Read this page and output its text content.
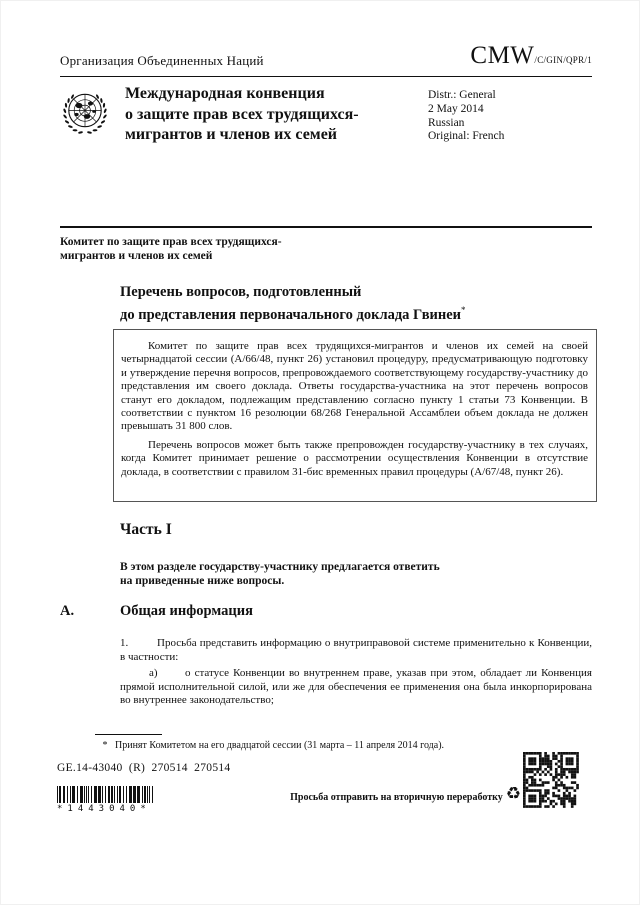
Организация Объединенных Наций	CMW /C/GIN/QPR/1
Международная конвенция
о защите прав всех трудящихся-
мигрантов и членов их семей
Distr.: General
2 May 2014
Russian
Original: French
Комитет по защите прав всех трудящихся-
мигрантов и членов их семей
Перечень вопросов, подготовленный
до представления первоначального доклада Гвинеи*

Комитет по защите прав всех трудящихся-мигрантов и членов их семей на своей четырнадцатой сессии (A/66/48, пункт 26) установил процедуру, предусматривающую подготовку и утверждение перечня вопросов, препровождаемого соответствующему государству-участнику до представления им своего доклада. Ответы государства-участника на этот перечень вопросов станут его докладом, подлежащим представлению согласно пункту 1 статьи 73 Конвенции. В соответствии с пунктом 16 резолюции 68/268 Генеральной Ассамблеи объем доклада не должен превышать 31 800 слов.

Перечень вопросов может быть также препровожден государству-участнику в тех случаях, когда Комитет принимает решение о рассмотрении осуществления Конвенции в отсутствие доклада, в соответствии с правилом 31-бис временных правил процедуры (A/67/48, пункт 26).

Часть I
В этом разделе государству-участнику предлагается ответить
на приведенные ниже вопросы.
A.	Общая информация

1.	Просьба представить информацию о внутриправовой системе применительно к Конвенции, в частности:

a) о статусе Конвенции во внутреннем праве, указав при этом, обладает ли Конвенция прямой исполнительной силой, или же для обеспечения ее применения она была инкорпорирована во внутреннее законодательство;

* Принят Комитетом на его двадцатой сессии (31 марта – 11 апреля 2014 года).
GE.14-43040  (R)  270514  270514
*1443040*
Просьба отправить на вторичную переработку ♻
